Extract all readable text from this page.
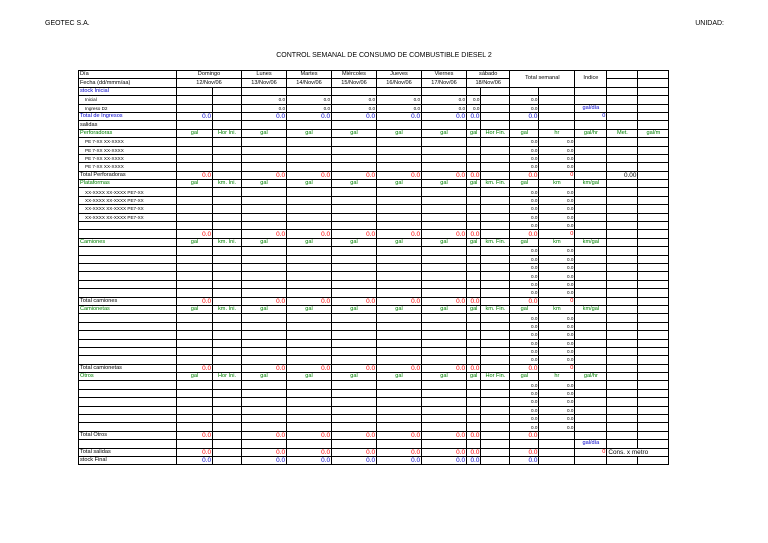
GEOTEC S.A.	UNIDAD:
CONTROL SEMANAL DE CONSUMO DE COMBUSTIBLE DIESEL 2
Día	Domingo		Lunes	Martes	Miércoles	Jueves	Viernes	sábado		Total semanal		Indice		
Fecha (dd/mmm/aa)	12/Nov/06		13/Nov/06	14/Nov/06	15/Nov/06	16/Nov/06	17/Nov/06	18/Nov/06						
stock Inicial														
Inicial			0.0	0.0	0.0	0.0	0.0	0.0		0.0				
Ingreso D2			0.0	0.0	0.0	0.0	0.0	0.0		0.0		gal/día		
Total de Ingresos	0.0		0.0	0.0	0.0	0.0	0.0	0.0		0.0		0		
salidas														
Perforadoras	gal	Hor Ini.	gal	gal	gal	gal	gal	gal	Hor Fin.	gal	hr	gal/hr	Met.	gal/m
PE 7-XX XX-XXXX										0.0	0.0			
PE 7-XX XX-XXXX										0.0	0.0			
PE 7-XX XX-XXXX										0.0	0.0			
PE 7-XX XX-XXXX										0.0	0.0			
Total Perforadoras	0.0		0.0	0.0	0.0	0.0	0.0	0.0		0.0	0		0.00	
Plataformas	gal	km. Ini.	gal	gal	gal	gal	gal	gal	km. Fin.	gal	km	km/gal		
XX-XXXX XX-XXXX PE7-XX										0.0	0.0			
XX-XXXX XX-XXXX PE7-XX										0.0	0.0			
XX-XXXX XX-XXXX PE7-XX										0.0	0.0			
XX-XXXX XX-XXXX PE7-XX										0.0	0.0			
										0.0	0.0			
	0.0		0.0	0.0	0.0	0.0	0.0	0.0		0.0	0			
Camiones	gal	km. Ini.	gal	gal	gal	gal	gal	gal	km. Fin.	gal	km	km/gal		
										0.0	0.0			
										0.0	0.0			
										0.0	0.0			
										0.0	0.0			
										0.0	0.0			
										0.0	0.0			
Total camiones	0.0		0.0	0.0	0.0	0.0	0.0	0.0		0.0	0			
Camionetas	gal	km. Ini.	gal	gal	gal	gal	gal	gal	km. Fin.	gal	km	km/gal		
										0.0	0.0			
										0.0	0.0			
										0.0	0.0			
										0.0	0.0			
										0.0	0.0			
										0.0	0.0			
Total camionetas	0.0		0.0	0.0	0.0	0.0	0.0	0.0		0.0	0			
Otros	gal	Hor Ini.	gal	gal	gal	gal	gal	gal	Hor Fin.	gal	hr	gal/hr		
										0.0	0.0			
										0.0	0.0			
										0.0	0.0			
										0.0	0.0			
										0.0	0.0			
										0.0	0.0			
Total Otros	0.0		0.0	0.0	0.0	0.0	0.0	0.0		0.0				
												gal/día		
Total salidas	0.0		0.0	0.0	0.0	0.0	0.0	0.0		0.0		0	Cons. x metro	
stock Final	0.0		0.0	0.0	0.0	0.0	0.0	0.0		0.0				
